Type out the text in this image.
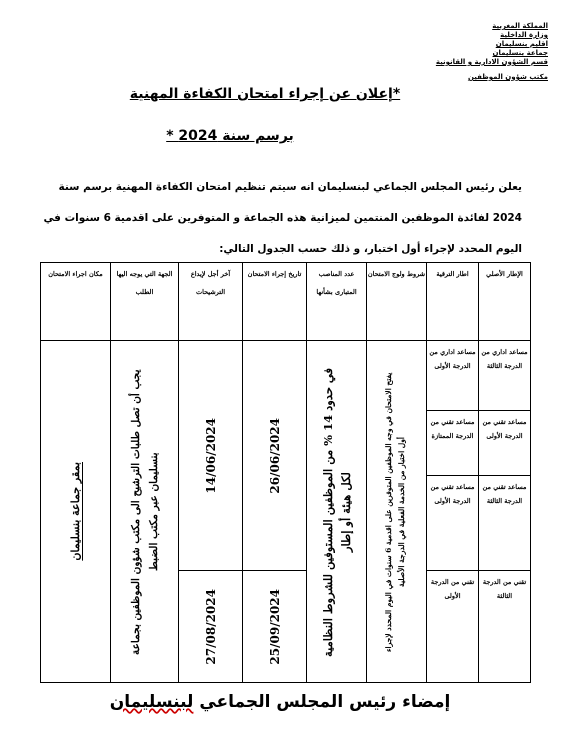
المملكة المغربية
وزارة الداخلية
اقليم بنسليمان
جماعة بنسليمان
قسم الشؤون الادارية و القانونية
مكتب شؤون الموظفين
*إعلان عن إجراء امتحان الكفاءة المهنية
برسم سنة 2024 *
يعلن رئيس المجلس الجماعي لبنسليمان انه سيتم تنظيم امتحان الكفاءة المهنية برسم سنة 2024 لفائدة الموظفين المنتمين لميزانية هذه الجماعة و المتوفرين على اقدمية 6 سنوات في اليوم المحدد لإجراء أول اختبار، و ذلك حسب الجدول التالي:
الإطار الأصلي	اطار الترقية	شروط ولوج الامتحان	عدد المناصب المتبارى بشأنها	تاريخ إجراء الامتحان	آخر أجل لإيداع الترشيحات	الجهة التي يوجه اليها الطلب	مكان اجراء الامتحان
مساعد اداري من الدرجة الثالثة	مساعد اداري من الدرجة الأولى	يفتح الامتحان في وجه الموظفين المتوفرين على اقدمية 6 سنوات في اليوم المحدد لإجراء أول اختبار من الخدمة الفعلية في الدرجة الأصلية	في حدود 14 % من الموظفين المستوفين للشروط النظامية لكل هيئة أو إطار	26/06/2024	14/06/2024	يجب أن تصل طلبات الترشيح الى مكتب شؤون الموظفين بجماعة بنسليمان عبر مكتب الضبط	بمقر جماعة بنسليمان

مساعد تقني من الدرجة الأولى	مساعد تقني من الدرجة الممتازة						
مساعد تقني من الدرجة الثالثة	مساعد تقني من الدرجة الأولى						
تقني من الدرجة الثالثة	تقني من الدرجة الأولى			25/09/2024	27/08/2024		
إمضاء رئيس المجلس الجماعي لبنسليمان
